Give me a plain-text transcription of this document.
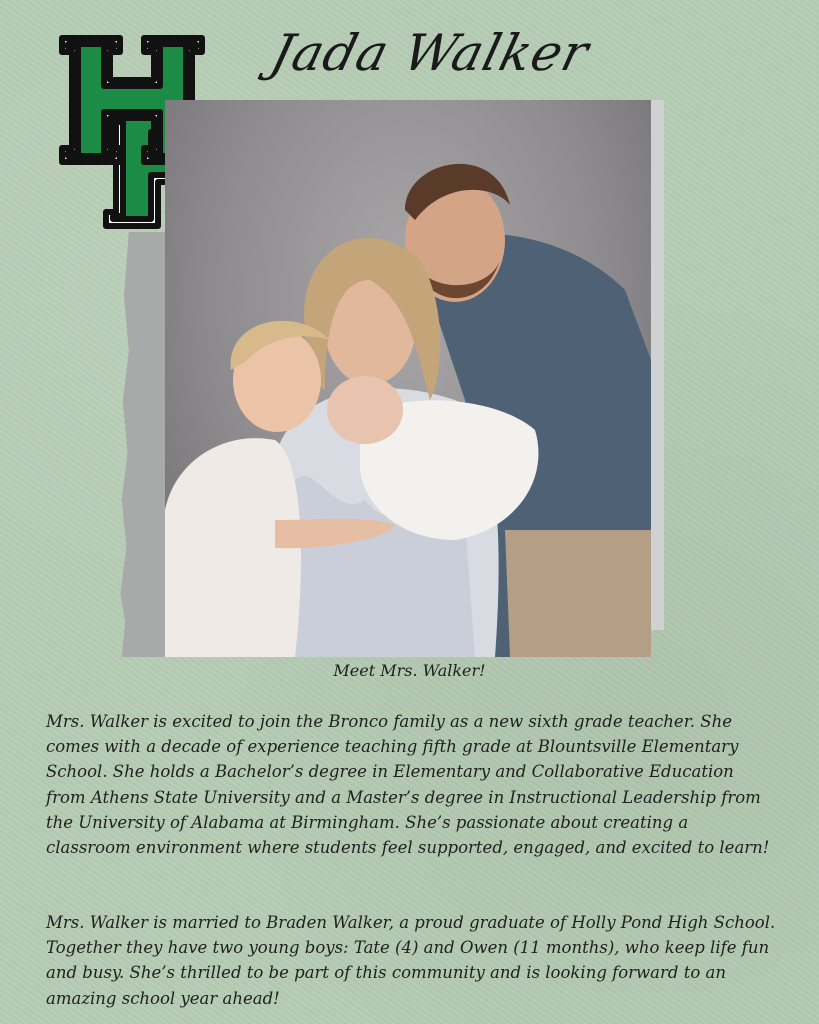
Jada Walker
Meet Mrs. Walker!

Mrs. Walker is excited to join the Bronco family as a new sixth grade teacher. She comes with a decade of experience teaching fifth grade at Blountsville Elementary School. She holds a Bachelor’s degree in Elementary and Collaborative Education from Athens State University and a Master’s degree in Instructional Leadership from the University of Alabama at Birmingham. She’s passionate about creating a classroom environment where students feel supported, engaged, and excited to learn!

Mrs. Walker is married to Braden Walker, a proud graduate of Holly Pond High School. Together they have two young boys: Tate (4) and Owen (11 months), who keep life fun and busy. She’s thrilled to be part of this community and is looking forward to an amazing school year ahead!
